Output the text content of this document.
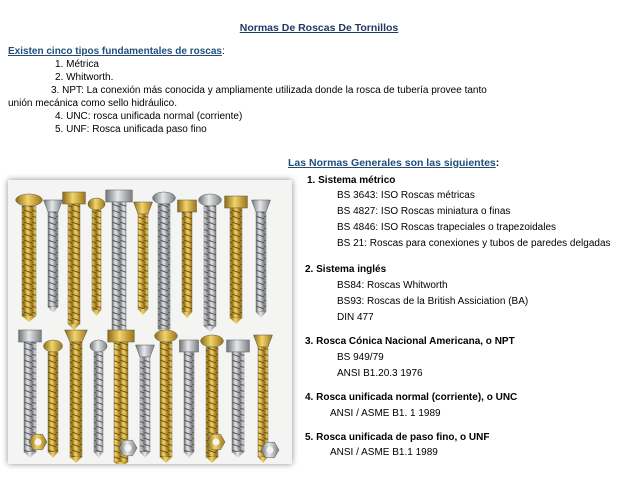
Normas De Roscas De Tornillos
Existen cinco tipos fundamentales de roscas:
1. Métrica
2. Whitworth.
3. NPT: La conexión más conocida y ampliamente utilizada donde la rosca de tubería provee tanto
unión mecánica como sello hidráulico.
4. UNC: rosca unificada normal (corriente)
5. UNF: Rosca unificada paso fino
Las Normas Generales son las siguientes:
1. Sistema métrico
BS 3643: ISO Roscas métricas
BS 4827: ISO Roscas miniatura o finas
BS 4846: ISO Roscas trapeciales o trapezoidales
BS 21: Roscas para conexiones y tubos de paredes delgadas
2. Sistema inglés
BS84: Roscas Whitworth
BS93: Roscas de la British Assiciation (BA)
DIN 477
3. Rosca Cónica Nacional Americana, o NPT
BS 949/79
ANSI B1.20.3 1976
4. Rosca unificada normal (corriente), o UNC
ANSI / ASME B1. 1 1989
5. Rosca unificada de paso fino, o UNF
ANSI / ASME B1.1 1989
